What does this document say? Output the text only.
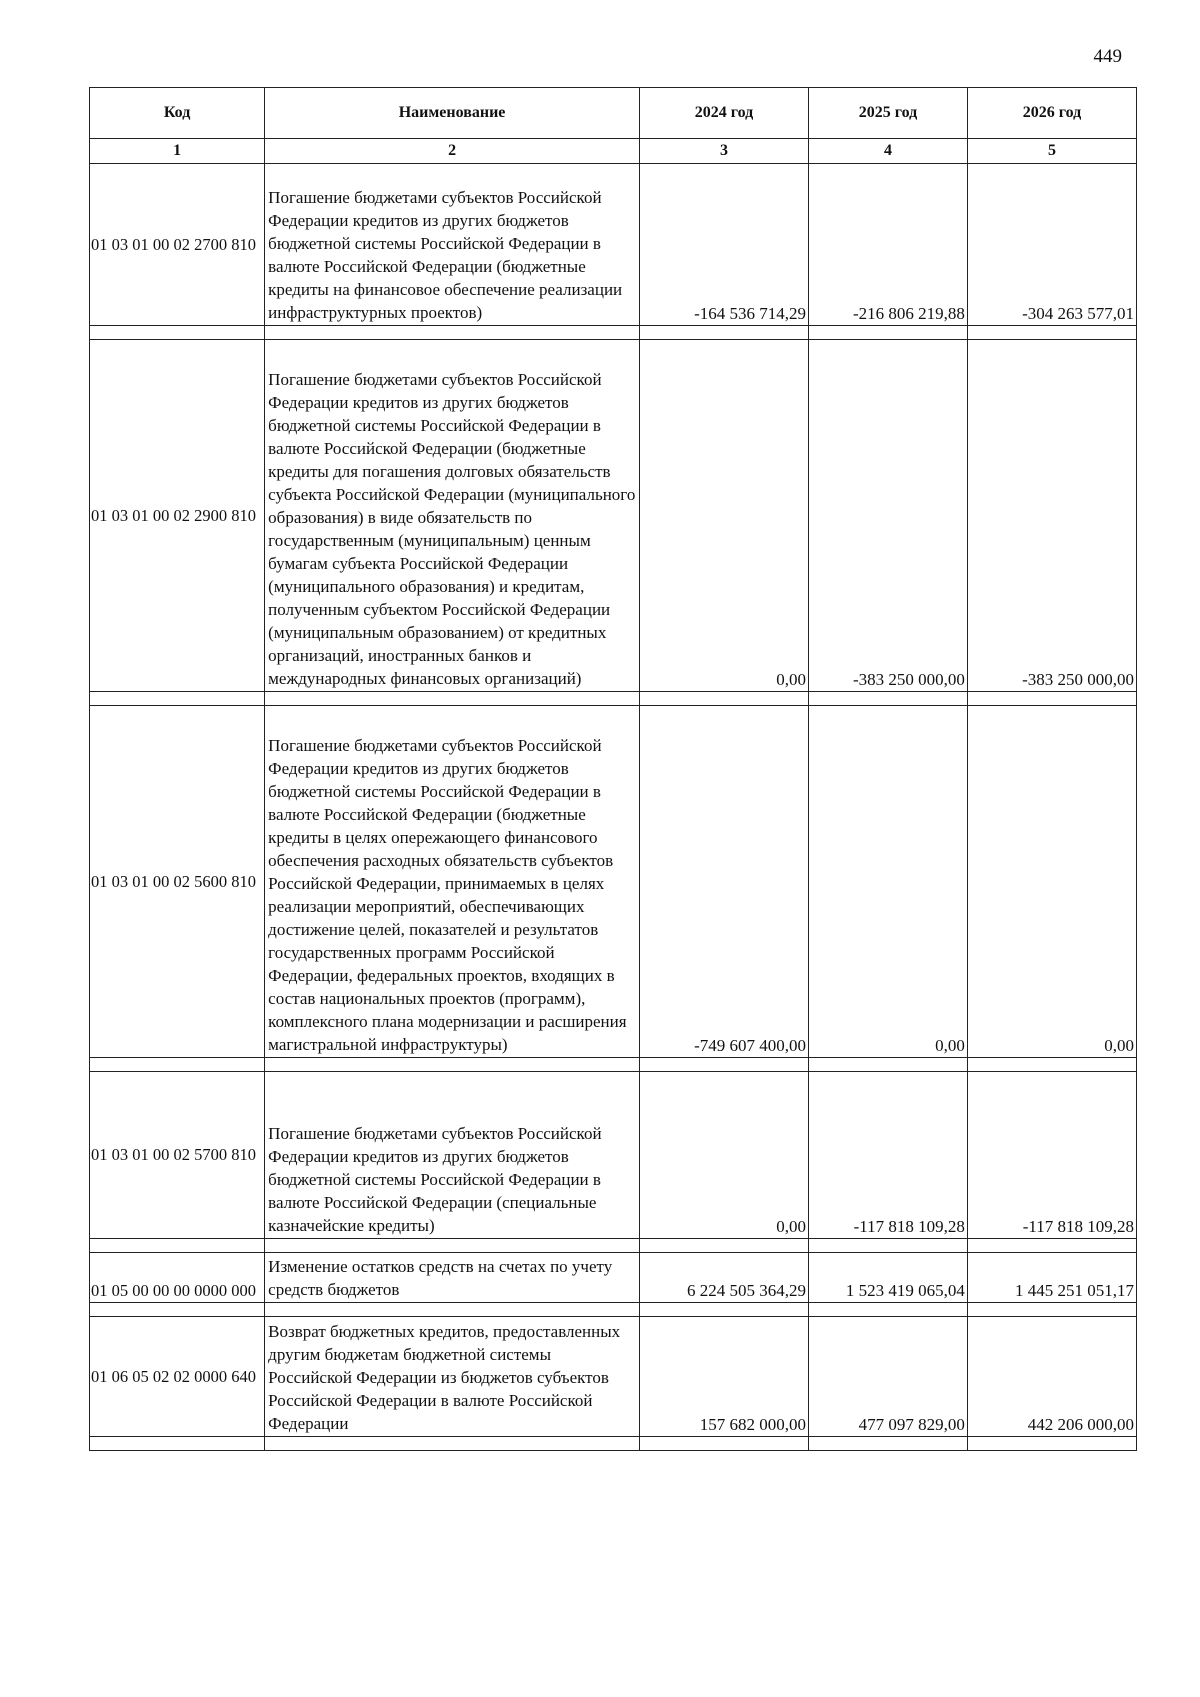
449
Код	Наименование	2024 год	2025 год	2026 год
1	2	3	4	5
01 03 01 00 02 2700 810	Погашение бюджетами субъектов Российской Федерации кредитов из других бюджетов бюджетной системы Российской Федерации в валюте Российской Федерации (бюджетные кредиты на финансовое обеспечение реализации инфраструктурных проектов)	-164 536 714,29	-216 806 219,88	-304 263 577,01

01 03 01 00 02 2900 810	Погашение бюджетами субъектов Российской Федерации кредитов из других бюджетов бюджетной системы Российской Федерации в валюте Российской Федерации (бюджетные кредиты для погашения долговых обязательств субъекта Российской Федерации (муниципального образования) в виде обязательств по государственным (муниципальным) ценным бумагам субъекта Российской Федерации (муниципального образования) и кредитам, полученным субъектом Российской Федерации (муниципальным образованием) от кредитных организаций, иностранных банков и международных финансовых организаций)	0,00	-383 250 000,00	-383 250 000,00

01 03 01 00 02 5600 810	Погашение бюджетами субъектов Российской Федерации кредитов из других бюджетов бюджетной системы Российской Федерации в валюте Российской Федерации (бюджетные кредиты в целях опережающего финансового обеспечения расходных обязательств субъектов Российской Федерации, принимаемых в целях реализации мероприятий, обеспечивающих достижение целей, показателей и результатов государственных программ Российской Федерации, федеральных проектов, входящих в состав национальных проектов (программ), комплексного плана модернизации и расширения магистральной инфраструктуры)	-749 607 400,00	0,00	0,00

01 03 01 00 02 5700 810	Погашение бюджетами субъектов Российской Федерации кредитов из других бюджетов бюджетной системы Российской Федерации в валюте Российской Федерации (специальные казначейские кредиты)	0,00	-117 818 109,28	-117 818 109,28

01 05 00 00 00 0000 000	Изменение остатков средств на счетах по учету средств бюджетов	6 224 505 364,29	1 523 419 065,04	1 445 251 051,17

01 06 05 02 02 0000 640	Возврат бюджетных кредитов, предоставленных другим бюджетам бюджетной системы Российской Федерации из бюджетов субъектов Российской Федерации в валюте Российской Федерации	157 682 000,00	477 097 829,00	442 206 000,00
